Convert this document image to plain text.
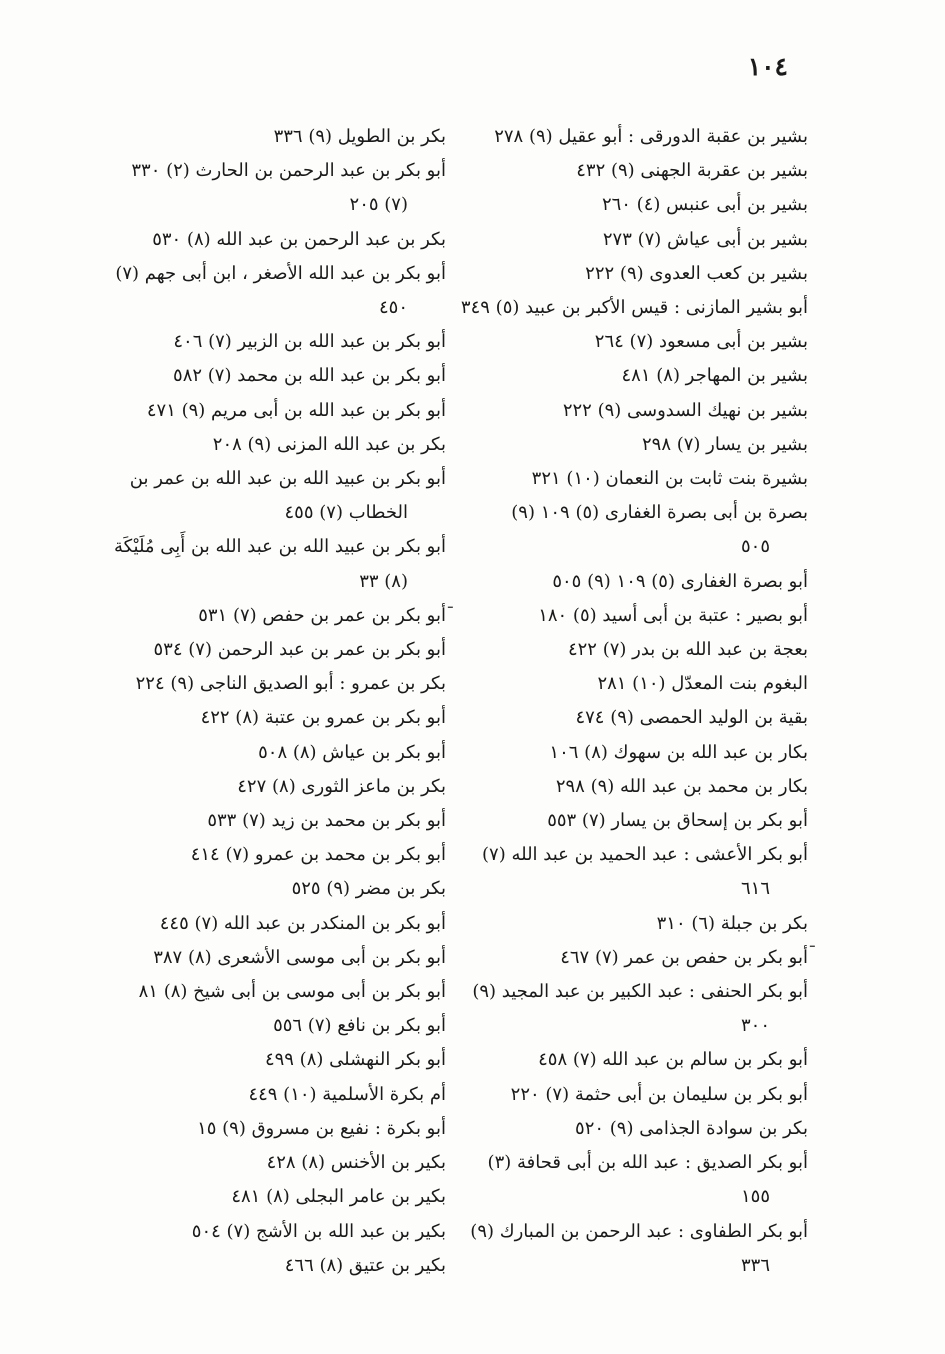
١٠٤
بشير بن عقبة الدورقى : أبو عقيل (٩) ٢٧٨
بشير بن عقربة الجهنى (٩) ٤٣٢
بشير بن أبى عنبس (٤) ٢٦٠
بشير بن أبى عياش (٧) ٢٧٣
بشير بن كعب العدوى (٩) ٢٢٢
أبو بشير المازنى : قيس الأكبر بن عبيد (٥) ٣٤٩
بشير بن أبى مسعود (٧) ٢٦٤
بشير بن المهاجر (٨) ٤٨١
بشير بن نهيك السدوسى (٩) ٢٢٢
بشير بن يسار (٧) ٢٩٨
بشيرة بنت ثابت بن النعمان (١٠) ٣٢١
بصرة بن أبى بصرة الغفارى (٥) ١٠٩ (٩)
٥٠٥
أبو بصرة الغفارى (٥) ١٠٩ (٩) ٥٠٥
أبو بصير : عتبة بن أبى أسيد (٥) ١٨٠
بعجة بن عبد الله بن بدر (٧) ٤٢٢
البغوم بنت المعدّل (١٠) ٢٨١
بقية بن الوليد الحمصى (٩) ٤٧٤
بكار بن عبد الله بن سهوك (٨) ١٠٦
بكار بن محمد بن عبد الله (٩) ٢٩٨
أبو بكر بن إسحاق بن يسار (٧) ٥٥٣
أبو بكر الأعشى : عبد الحميد بن عبد الله (٧)
٦١٦
بكر بن جبلة (٦) ٣١٠
أبو بكر بن حفص بن عمر (٧) ٤٦٧
أبو بكر الحنفى : عبد الكبير بن عبد المجيد (٩)
٣٠٠
أبو بكر بن سالم بن عبد الله (٧) ٤٥٨
أبو بكر بن سليمان بن أبى حثمة (٧) ٢٢٠
بكر بن سوادة الجذامى (٩) ٥٢٠
أبو بكر الصديق : عبد الله بن أبى قحافة (٣)
١٥٥
أبو بكر الطفاوى : عبد الرحمن بن المبارك (٩)
٣٣٦
بكر بن الطويل (٩) ٣٣٦
أبو بكر بن عبد الرحمن بن الحارث (٢) ٣٣٠
(٧) ٢٠٥
بكر بن عبد الرحمن بن عبد الله (٨) ٥٣٠
أبو بكر بن عبد الله الأصغر ، ابن أبى جهم (٧)
٤٥٠
أبو بكر بن عبد الله بن الزبير (٧) ٤٠٦
أبو بكر بن عبد الله بن محمد (٧) ٥٨٢
أبو بكر بن عبد الله بن أبى مريم (٩) ٤٧١
بكر بن عبد الله المزنى (٩) ٢٠٨
أبو بكر بن عبيد الله بن عبد الله بن عمر بن
الخطاب (٧) ٤٥٥
أبو بكر بن عبيد الله بن عبد الله بن أَبِى مُلَيْكَة
(٨) ٣٣
أبو بكر بن عمر بن حفص (٧) ٥٣١
أبو بكر بن عمر بن عبد الرحمن (٧) ٥٣٤
بكر بن عمرو : أبو الصديق الناجى (٩) ٢٢٤
أبو بكر بن عمرو بن عتبة (٨) ٤٢٢
أبو بكر بن عياش (٨) ٥٠٨
بكر بن ماعز الثورى (٨) ٤٢٧
أبو بكر بن محمد بن زيد (٧) ٥٣٣
أبو بكر بن محمد بن عمرو (٧) ٤١٤
بكر بن مضر (٩) ٥٢٥
أبو بكر بن المنكدر بن عبد الله (٧) ٤٤٥
أبو بكر بن أبى موسى الأشعرى (٨) ٣٨٧
أبو بكر بن أبى موسى بن أبى شيخ (٨) ٨١
أبو بكر بن نافع (٧) ٥٥٦
أبو بكر النهشلى (٨) ٤٩٩
أم بكرة الأسلمية (١٠) ٤٤٩
أبو بكرة : نفيع بن مسروق (٩) ١٥
بكير بن الأخنس (٨) ٤٢٨
بكير بن عامر البجلى (٨) ٤٨١
بكير بن عبد الله بن الأشج (٧) ٥٠٤
بكير بن عتيق (٨) ٤٦٦
ـ
ـ
